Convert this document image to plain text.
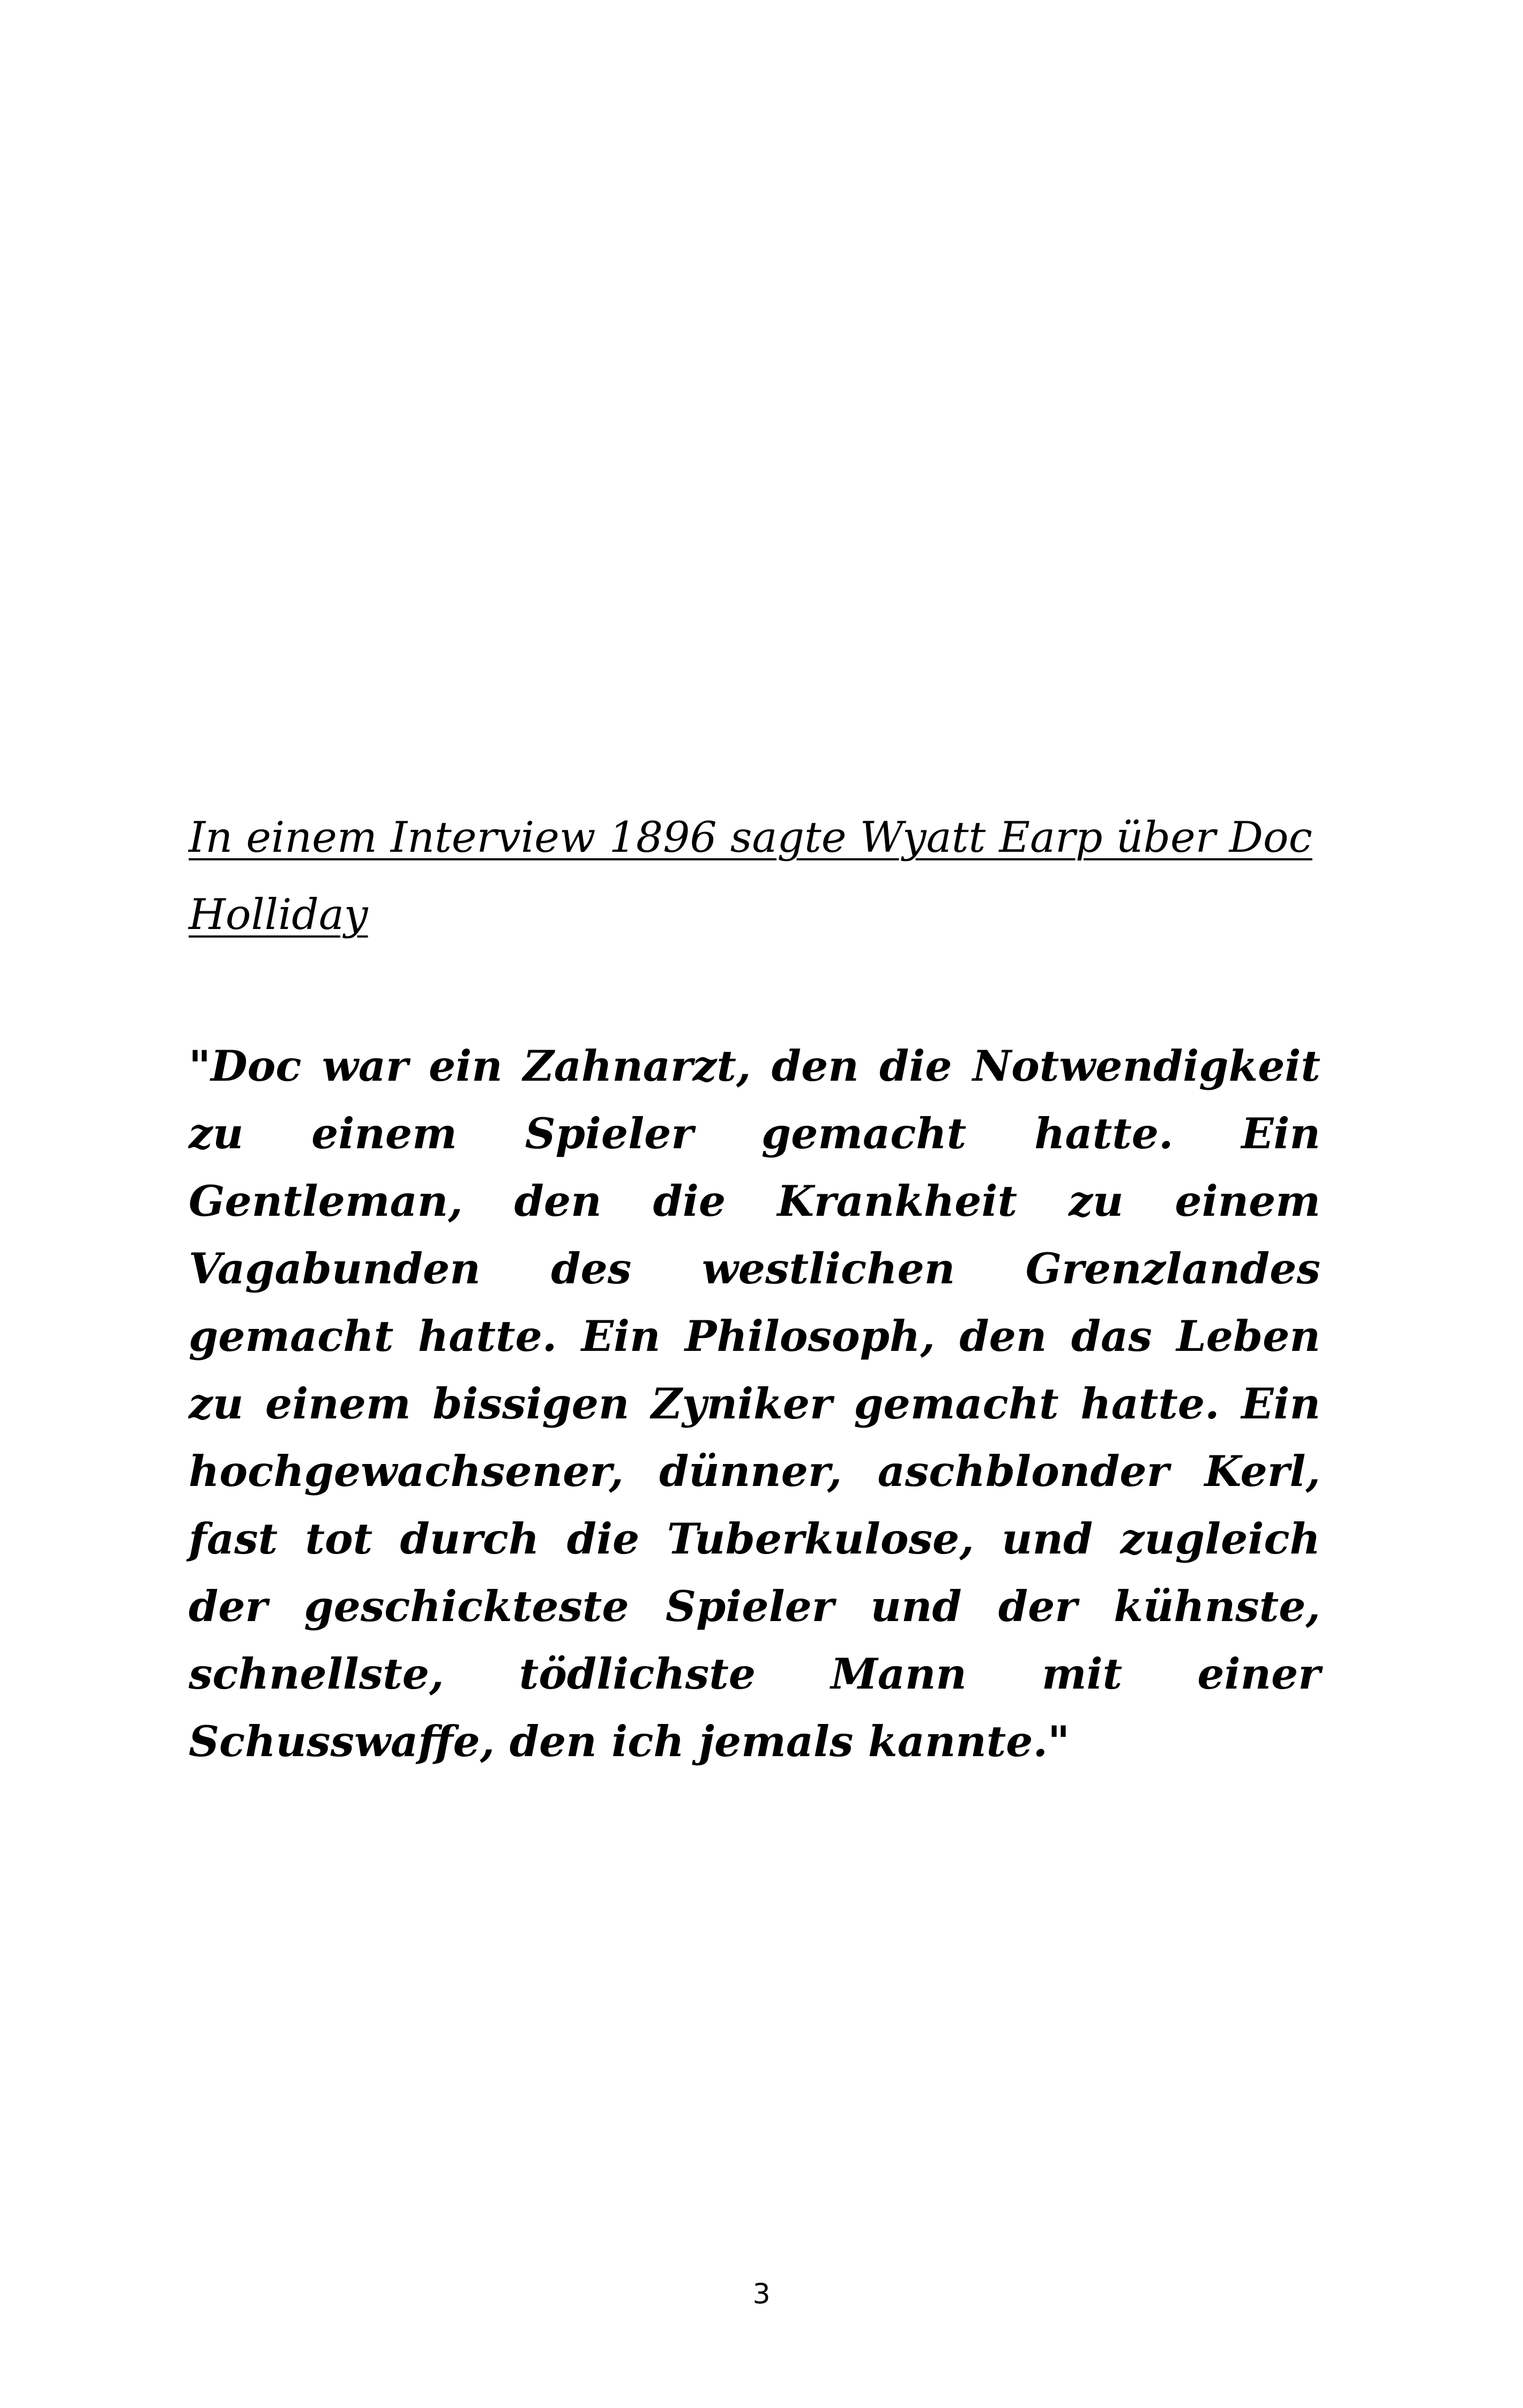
In einem Interview 1896 sagte Wyatt Earp über Doc Holliday

"Doc war ein Zahnarzt, den die Notwendigkeit zu einem Spieler gemacht hatte. Ein Gentleman, den die Krankheit zu einem Vagabunden des westlichen Grenzlandes gemacht hatte. Ein Philosoph, den das Leben zu einem bissigen Zyniker gemacht hatte. Ein hochgewachsener, dünner, aschblonder Kerl, fast tot durch die Tuberkulose, und zugleich der geschickteste Spieler und der kühnste, schnellste, tödlichste Mann mit einer Schusswaffe, den ich jemals kannte."

3
